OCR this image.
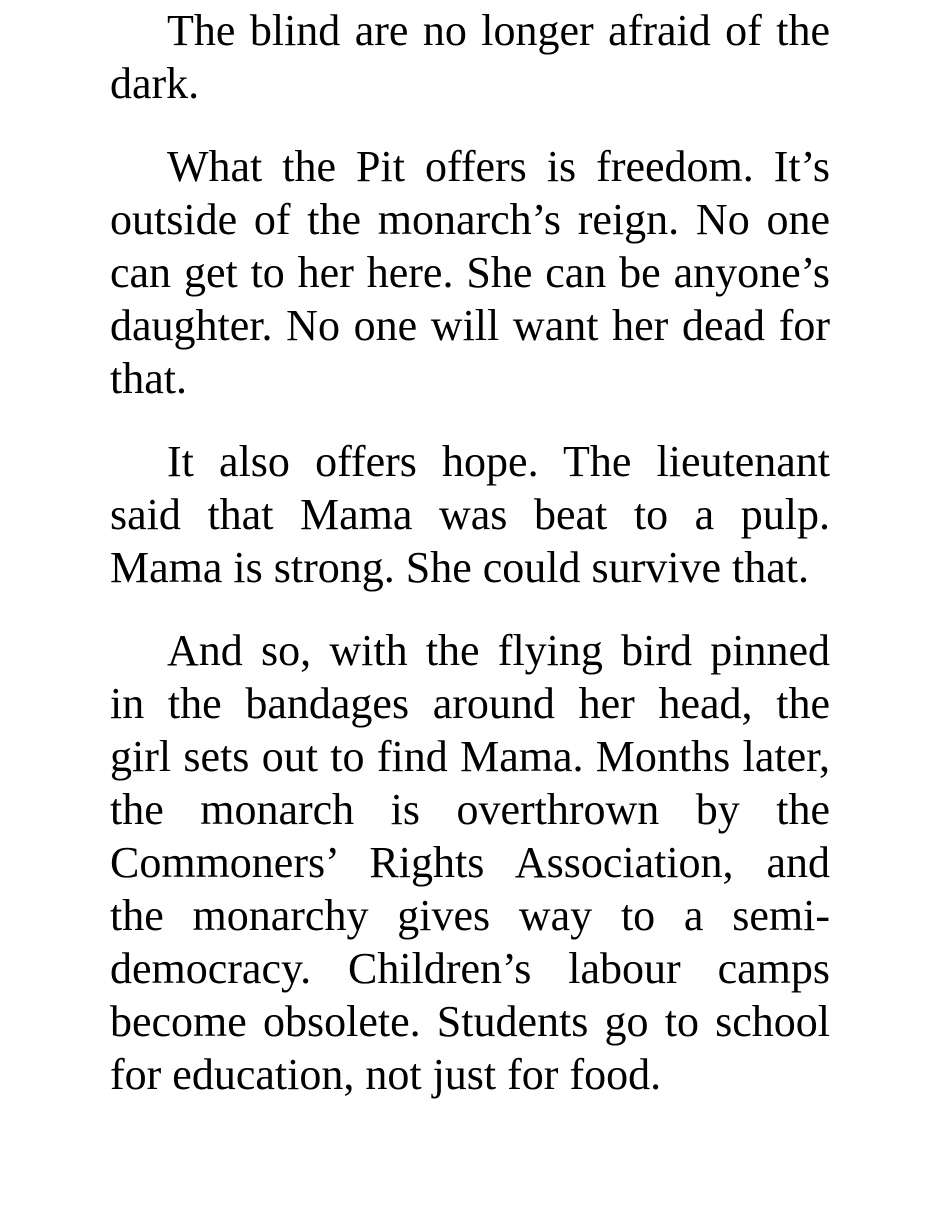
The blind are no longer afraid of the
dark.
What the Pit offers is freedom. It’s
outside of the monarch’s reign. No one
can get to her here. She can be anyone’s
daughter. No one will want her dead for
that.
It also offers hope. The lieutenant
said that Mama was beat to a pulp.
Mama is strong. She could survive that.
And so, with the flying bird pinned
in the bandages around her head, the
girl sets out to find Mama. Months later,
the monarch is overthrown by the
Commoners’ Rights Association, and
the monarchy gives way to a semi-
democracy. Children’s labour camps
become obsolete. Students go to school
for education, not just for food.
